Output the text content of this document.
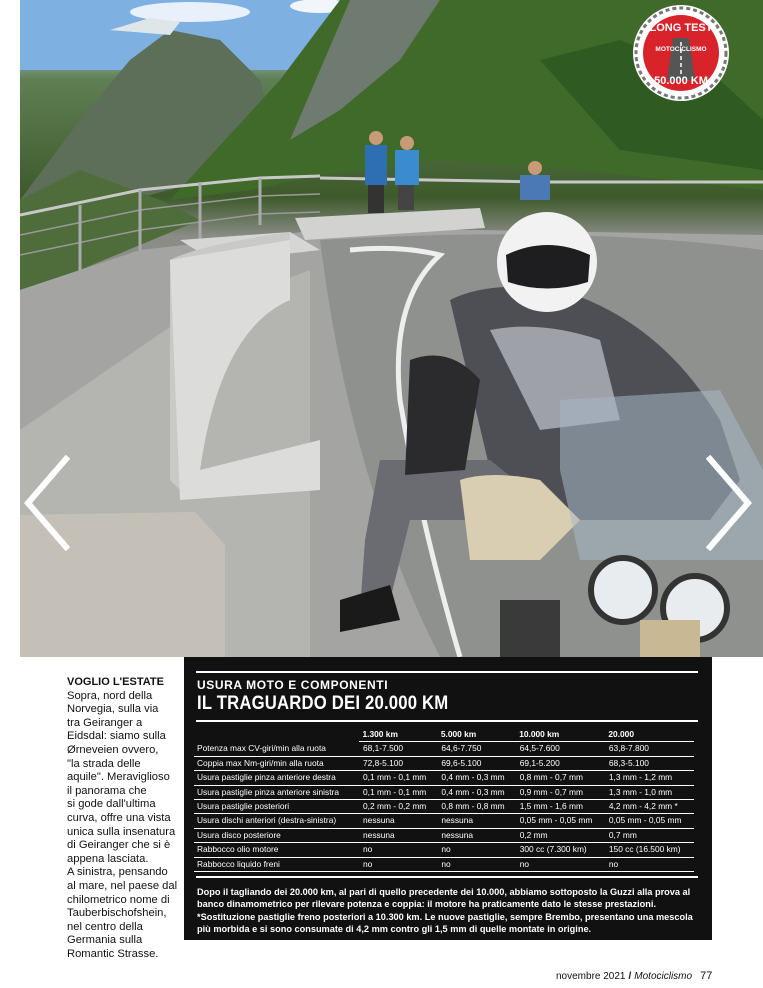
LONG TEST
MOTOCICLISMO
50.000 KM
VOGLIO L'ESTATE
Sopra, nord della
Norvegia, sulla via
tra Geiranger a
Eidsdal: siamo sulla
Ørneveien ovvero,
"la strada delle
aquile". Meraviglioso
il panorama che
si gode dall'ultima
curva, offre una vista
unica sulla insenatura
di Geiranger che si è
appena lasciata.
A sinistra, pensando
al mare, nel paese dal
chilometrico nome di
Tauberbischofshein,
nel centro della
Germania sulla
Romantic Strasse.
USURA MOTO E COMPONENTI
IL TRAGUARDO DEI 20.000 KM
	1.300 km	5.000 km	10.000 km	20.000
Potenza max CV-giri/min alla ruota	68,1-7.500	64,6-7.750	64,5-7.600	63,8-7.800
Coppia max Nm-giri/min alla ruota	72,8-5.100	69,6-5.100	69,1-5.200	68,3-5.100
Usura pastiglie pinza anteriore destra	0,1 mm - 0,1 mm	0,4 mm - 0,3 mm	0,8 mm - 0,7 mm	1,3 mm - 1,2 mm
Usura pastiglie pinza anteriore sinistra	0,1 mm - 0,1 mm	0,4 mm - 0,3 mm	0,9 mm - 0,7 mm	1,3 mm - 1,0 mm
Usura pastiglie posteriori	0,2 mm - 0,2 mm	0,8 mm - 0,8 mm	1,5 mm - 1,6 mm	4,2 mm - 4,2 mm *
Usura dischi anteriori (destra-sinistra)	nessuna	nessuna	0,05 mm - 0,05 mm	0,05 mm - 0,05 mm
Usura disco posteriore	nessuna	nessuna	0,2 mm	0,7 mm
Rabbocco olio motore	no	no	300 cc (7.300 km)	150 cc (16.500 km)
Rabbocco liquido freni	no	no	no	no
Dopo il tagliando dei 20.000 km, al pari di quello precedente dei 10.000, abbiamo sottoposto la Guzzi alla prova al
banco dinamometrico per rilevare potenza e coppia: il motore ha praticamente dato le stesse prestazioni.
*Sostituzione pastiglie freno posteriori a 10.300 km. Le nuove pastiglie, sempre Brembo, presentano una mescola
più morbida e si sono consumate di 4,2 mm contro gli 1,5 mm di quelle montate in origine.
novembre 2021 / Motociclismo 77
